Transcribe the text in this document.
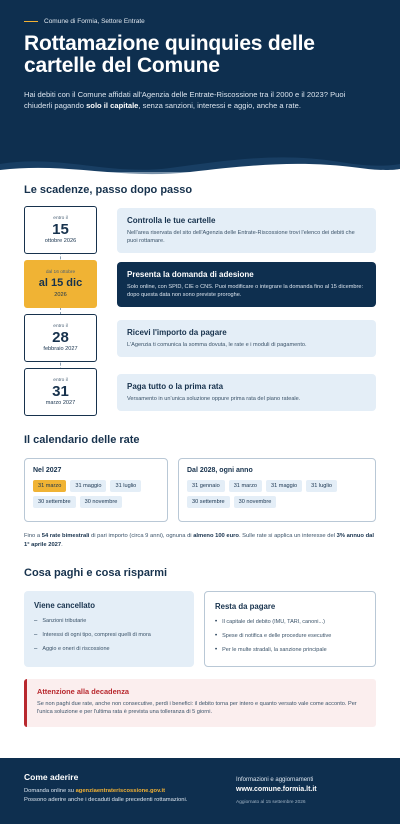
Comune di Formia, Settore Entrate
Rottamazione quinquies delle
cartelle del Comune
Hai debiti con il Comune affidati all'Agenzia delle Entrate-Riscossione tra il 2000 e il 2023? Puoi chiuderli pagando solo il capitale, senza sanzioni, interessi e aggio, anche a rate.
Le scadenze, passo dopo passo
entro il
15
ottobre 2026
Controlla le tue cartelle
Nell'area riservata del sito dell'Agenzia delle Entrate-Riscossione trovi l'elenco dei debiti che puoi rottamare.
dal 16 ottobre
al 15 dic
2026
Presenta la domanda di adesione
Solo online, con SPID, CIE o CNS. Puoi modificare o integrare la domanda fino al 15 dicembre: dopo questa data non sono previste proroghe.
entro il
28
febbraio 2027
Ricevi l'importo da pagare
L'Agenzia ti comunica la somma dovuta, le rate e i moduli di pagamento.
entro il
31
marzo 2027
Paga tutto o la prima rata
Versamento in un'unica soluzione oppure prima rata del piano rateale.
Il calendario delle rate
Nel 2027
31 marzo	31 maggio	31 luglio
30 settembre	30 novembre
Dal 2028, ogni anno
31 gennaio	31 marzo	31 maggio	31 luglio
30 settembre	30 novembre
Fino a 54 rate bimestrali di pari importo (circa 9 anni), ognuna di almeno 100 euro. Sulle rate si applica un interesse del 3% annuo dal 1° aprile 2027.
Cosa paghi e cosa risparmi
Viene cancellato
– Sanzioni tributarie
– Interessi di ogni tipo, compresi quelli di mora
– Aggio e oneri di riscossione
Resta da pagare
• Il capitale del debito (IMU, TARI, canoni...)
• Spese di notifica e delle procedure esecutive
• Per le multe stradali, la sanzione principale
Attenzione alla decadenza
Se non paghi due rate, anche non consecutive, perdi i benefici: il debito torna per intero e quanto versato vale come acconto. Per l'unica soluzione e per l'ultima rata è prevista una tolleranza di 5 giorni.
Come aderire
Domanda online su agenziaentrateriscossione.gov.it
Possono aderire anche i decaduti dalle precedenti rottamazioni.
Informazioni e aggiornamenti
www.comune.formia.lt.it
Aggiornato al 15 settembre 2026
